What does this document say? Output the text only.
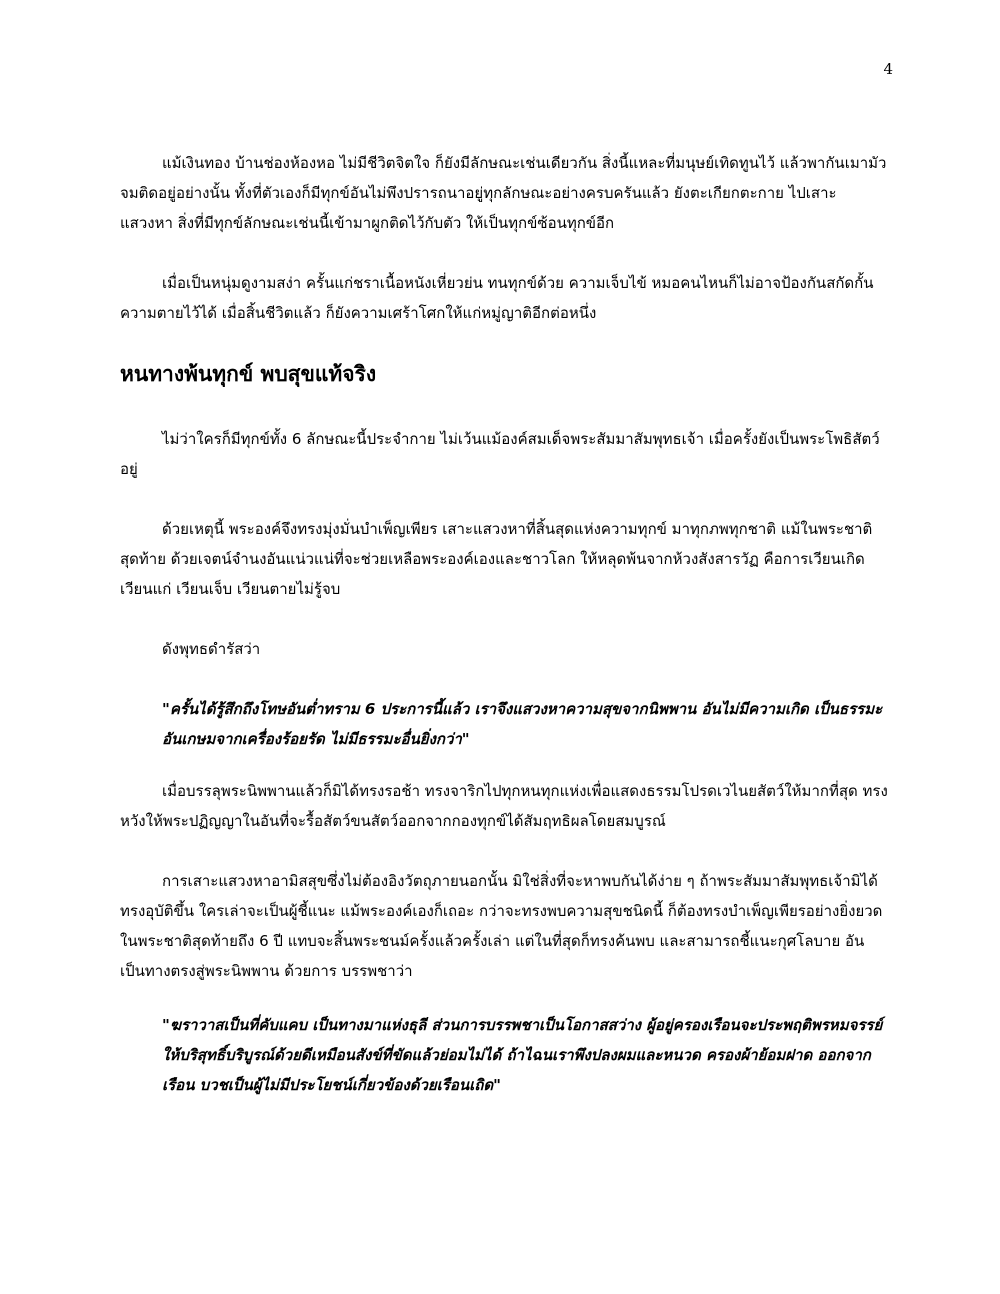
4

แม้เงินทอง บ้านช่องห้องหอ ไม่มีชีวิตจิตใจ ก็ยังมีลักษณะเช่นเดียวกัน สิ่งนี้แหละที่มนุษย์เทิดทูนไว้ แล้วพากันเมามัวจมติดอยู่อย่างนั้น ทั้งที่ตัวเองก็มีทุกข์อันไม่พึงปรารถนาอยู่ทุกลักษณะอย่างครบครันแล้ว ยังตะเกียกตะกาย ไปเสาะแสวงหา สิ่งที่มีทุกข์ลักษณะเช่นนี้เข้ามาผูกติดไว้กับตัว ให้เป็นทุกข์ซ้อนทุกข์อีก

เมื่อเป็นหนุ่มดูงามสง่า ครั้นแก่ชราเนื้อหนังเหี่ยวย่น ทนทุกข์ด้วย ความเจ็บไข้ หมอคนไหนก็ไม่อาจป้องกันสกัดกั้นความตายไว้ได้ เมื่อสิ้นชีวิตแล้ว ก็ยังความเศร้าโศกให้แก่หมู่ญาติอีกต่อหนึ่ง

หนทางพ้นทุกข์ พบสุขแท้จริง

ไม่ว่าใครก็มีทุกข์ทั้ง 6 ลักษณะนี้ประจำกาย ไม่เว้นแม้องค์สมเด็จพระสัมมาสัมพุทธเจ้า เมื่อครั้งยังเป็นพระโพธิสัตว์อยู่

ด้วยเหตุนี้ พระองค์จึงทรงมุ่งมั่นบำเพ็ญเพียร เสาะแสวงหาที่สิ้นสุดแห่งความทุกข์ มาทุกภพทุกชาติ แม้ในพระชาติสุดท้าย ด้วยเจตน์จำนงอันแน่วแน่ที่จะช่วยเหลือพระองค์เองและชาวโลก ให้หลุดพ้นจากห้วงสังสารวัฏ คือการเวียนเกิด เวียนแก่ เวียนเจ็บ เวียนตายไม่รู้จบ

ดังพุทธดำรัสว่า

"ครั้นได้รู้สึกถึงโทษอันต่ำทราม 6 ประการนี้แล้ว เราจึงแสวงหาความสุขจากนิพพาน อันไม่มีความเกิด เป็นธรรมะอันเกษมจากเครื่องร้อยรัด ไม่มีธรรมะอื่นยิ่งกว่า"

เมื่อบรรลุพระนิพพานแล้วก็มิได้ทรงรอช้า ทรงจาริกไปทุกหนทุกแห่งเพื่อแสดงธรรมโปรดเวไนยสัตว์ให้มากที่สุด ทรงหวังให้พระปฏิญญาในอันที่จะรื้อสัตว์ขนสัตว์ออกจากกองทุกข์ได้สัมฤทธิผลโดยสมบูรณ์

การเสาะแสวงหาอามิสสุขซึ่งไม่ต้องอิงวัตถุภายนอกนั้น มิใช่สิ่งที่จะหาพบกันได้ง่าย ๆ ถ้าพระสัมมาสัมพุทธเจ้ามิได้ทรงอุบัติขึ้น ใครเล่าจะเป็นผู้ชี้แนะ แม้พระองค์เองก็เถอะ กว่าจะทรงพบความสุขชนิดนี้ ก็ต้องทรงบำเพ็ญเพียรอย่างยิ่งยวดในพระชาติสุดท้ายถึง 6 ปี แทบจะสิ้นพระชนม์ครั้งแล้วครั้งเล่า แต่ในที่สุดก็ทรงค้นพบ และสามารถชี้แนะกุศโลบาย อันเป็นทางตรงสู่พระนิพพาน ด้วยการ บรรพชาว่า

"ฆราวาสเป็นที่คับแคบ เป็นทางมาแห่งธุลี ส่วนการบรรพชาเป็นโอกาสสว่าง ผู้อยู่ครองเรือนจะประพฤติพรหมจรรย์ให้บริสุทธิ์บริบูรณ์ด้วยดีเหมือนสังข์ที่ขัดแล้วย่อมไม่ได้ ถ้าไฉนเราพึงปลงผมและหนวด ครองผ้าย้อมฝาด ออกจากเรือน บวชเป็นผู้ไม่มีประโยชน์เกี่ยวข้องด้วยเรือนเถิด"
